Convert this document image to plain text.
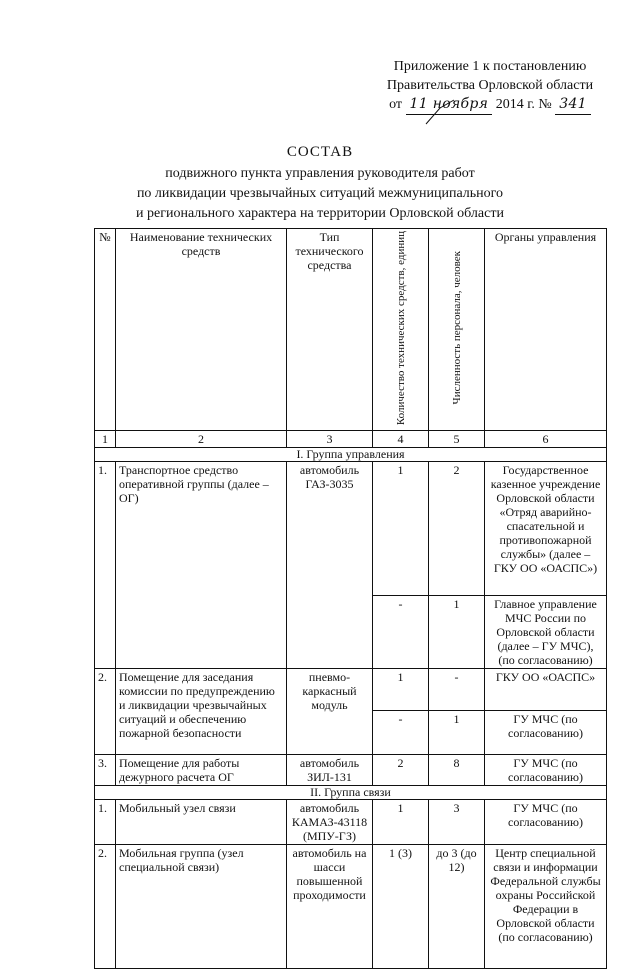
Приложение 1 к постановлению
Правительства Орловской области
от 11 ноября 2014 г. № 341
СОСТАВ
подвижного пункта управления руководителя работ
по ликвидации чрезвычайных ситуаций межмуниципального
и регионального характера на территории Орловской области
№	Наименование технических средств	Тип технического средства	Количество технических средств, единиц	Численность персонала, человек	Органы управления
1	2	3	4	5	6
I. Группа управления					
1.	Транспортное средство оперативной группы (далее – ОГ)	автомобиль ГАЗ-3035	1	2	Государственное казенное учреждение Орловской области «Отряд аварийно-спасательной и противопожарной службы» (далее – ГКУ ОО «ОАСПС»)
			-	1	Главное управление МЧС России по Орловской области (далее – ГУ МЧС), (по согласованию)
2.	Помещение для заседания комиссии по предупреждению и ликвидации чрезвычайных ситуаций и обеспечению пожарной безопасности	пневмо-каркасный модуль	1	-	ГКУ ОО «ОАСПС»
			-	1	ГУ МЧС (по согласованию)
3.	Помещение для работы дежурного расчета ОГ	автомобиль ЗИЛ-131	2	8	ГУ МЧС (по согласованию)
II. Группа связи					
1.	Мобильный узел связи	автомобиль КАМАЗ-43118 (МПУ-ГЗ)	1	3	ГУ МЧС (по согласованию)
2.	Мобильная группа (узел специальной связи)	автомобиль на шасси повышенной проходимости	1 (3)	до 3 (до 12)	Центр специальной связи и информации Федеральной службы охраны Российской Федерации в Орловской области (по согласованию)
